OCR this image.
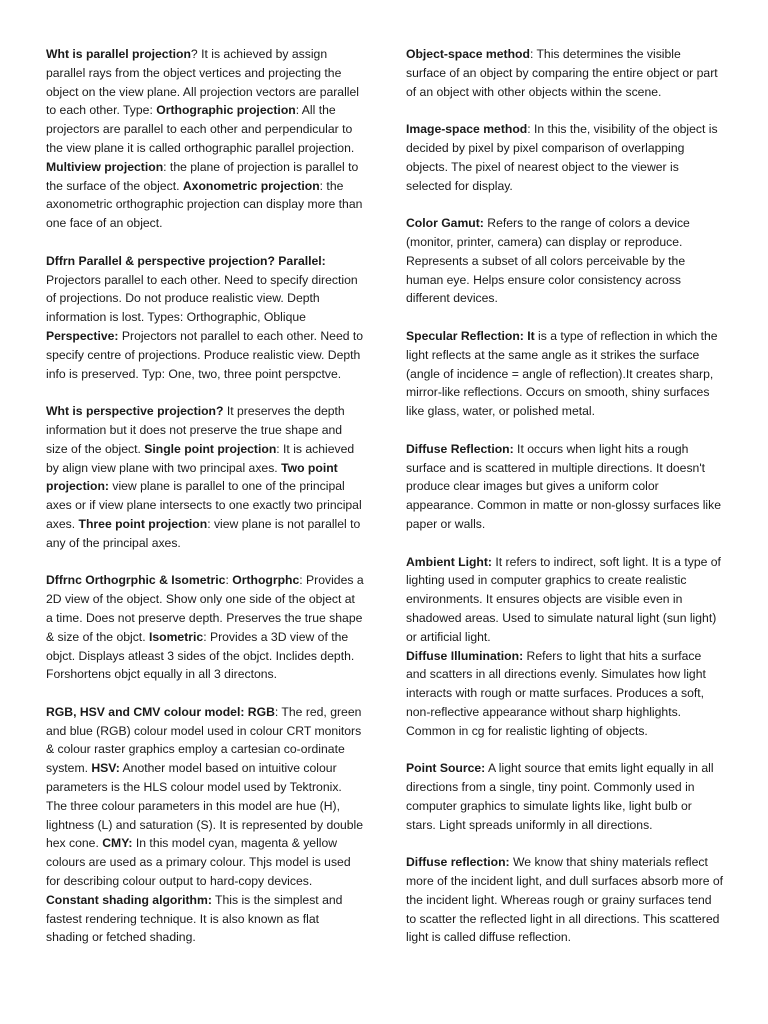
Wht is parallel projection? It is achieved by assign parallel rays from the object vertices and projecting the object on the view plane. All projection vectors are parallel to each other. Type: Orthographic projection: All the projectors are parallel to each other and perpendicular to the view plane it is called orthographic parallel projection. Multiview projection: the plane of projection is parallel to the surface of the object. Axonometric projection: the axonometric orthographic projection can display more than one face of an object.

Dffrn Parallel & perspective projection? Parallel: Projectors parallel to each other. Need to specify direction of projections. Do not produce realistic view. Depth information is lost. Types: Orthographic, Oblique Perspective: Projectors not parallel to each other. Need to specify centre of projections. Produce realistic view. Depth info is preserved. Typ: One, two, three point perspctve.

Wht is perspective projection? It preserves the depth information but it does not preserve the true shape and size of the object. Single point projection: It is achieved by align view plane with two principal axes. Two point projection: view plane is parallel to one of the principal axes or if view plane intersects to one exactly two principal axes. Three point projection: view plane is not parallel to any of the principal axes.

Dffrnc Orthogrphic & Isometric: Orthogrphc: Provides a 2D view of the object. Show only one side of the object at a time. Does not preserve depth. Preserves the true shape & size of the objct. Isometric: Provides a 3D view of the objct. Displays atleast 3 sides of the objct. Inclides depth. Forshortens objct equally in all 3 directons.

RGB, HSV and CMV colour model: RGB: The red, green and blue (RGB) colour model used in colour CRT monitors & colour raster graphics employ a cartesian co-ordinate system. HSV: Another model based on intuitive colour parameters is the HLS colour model used by Tektronix. The three colour parameters in this model are hue (H), lightness (L) and saturation (S). It is represented by double hex cone. CMY: In this model cyan, magenta & yellow colours are used as a primary colour. Thjs model is used for describing colour output to hard-copy devices. Constant shading algorithm: This is the simplest and fastest rendering technique. It is also known as flat shading or fetched shading.

Object-space method: This determines the visible surface of an object by comparing the entire object or part of an object with other objects within the scene.

Image-space method: In this the, visibility of the object is decided by pixel by pixel comparison of overlapping objects. The pixel of nearest object to the viewer is selected for display.

Color Gamut: Refers to the range of colors a device (monitor, printer, camera) can display or reproduce. Represents a subset of all colors perceivable by the human eye. Helps ensure color consistency across different devices.

Specular Reflection: It is a type of reflection in which the light reflects at the same angle as it strikes the surface (angle of incidence = angle of reflection).It creates sharp, mirror-like reflections. Occurs on smooth, shiny surfaces like glass, water, or polished metal.

Diffuse Reflection: It occurs when light hits a rough surface and is scattered in multiple directions. It doesn't produce clear images but gives a uniform color appearance. Common in matte or non-glossy surfaces like paper or walls.

Ambient Light: It refers to indirect, soft light. It is a type of lighting used in computer graphics to create realistic environments. It ensures objects are visible even in shadowed areas. Used to simulate natural light (sun light) or artificial light.

Diffuse Illumination: Refers to light that hits a surface and scatters in all directions evenly. Simulates how light interacts with rough or matte surfaces. Produces a soft, non-reflective appearance without sharp highlights. Common in cg for realistic lighting of objects.

Point Source: A light source that emits light equally in all directions from a single, tiny point. Commonly used in computer graphics to simulate lights like, light bulb or stars. Light spreads uniformly in all directions.

Diffuse reflection: We know that shiny materials reflect more of the incident light, and dull surfaces absorb more of the incident light. Whereas rough or grainy surfaces tend to scatter the reflected light in all directions. This scattered light is called diffuse reflection.
